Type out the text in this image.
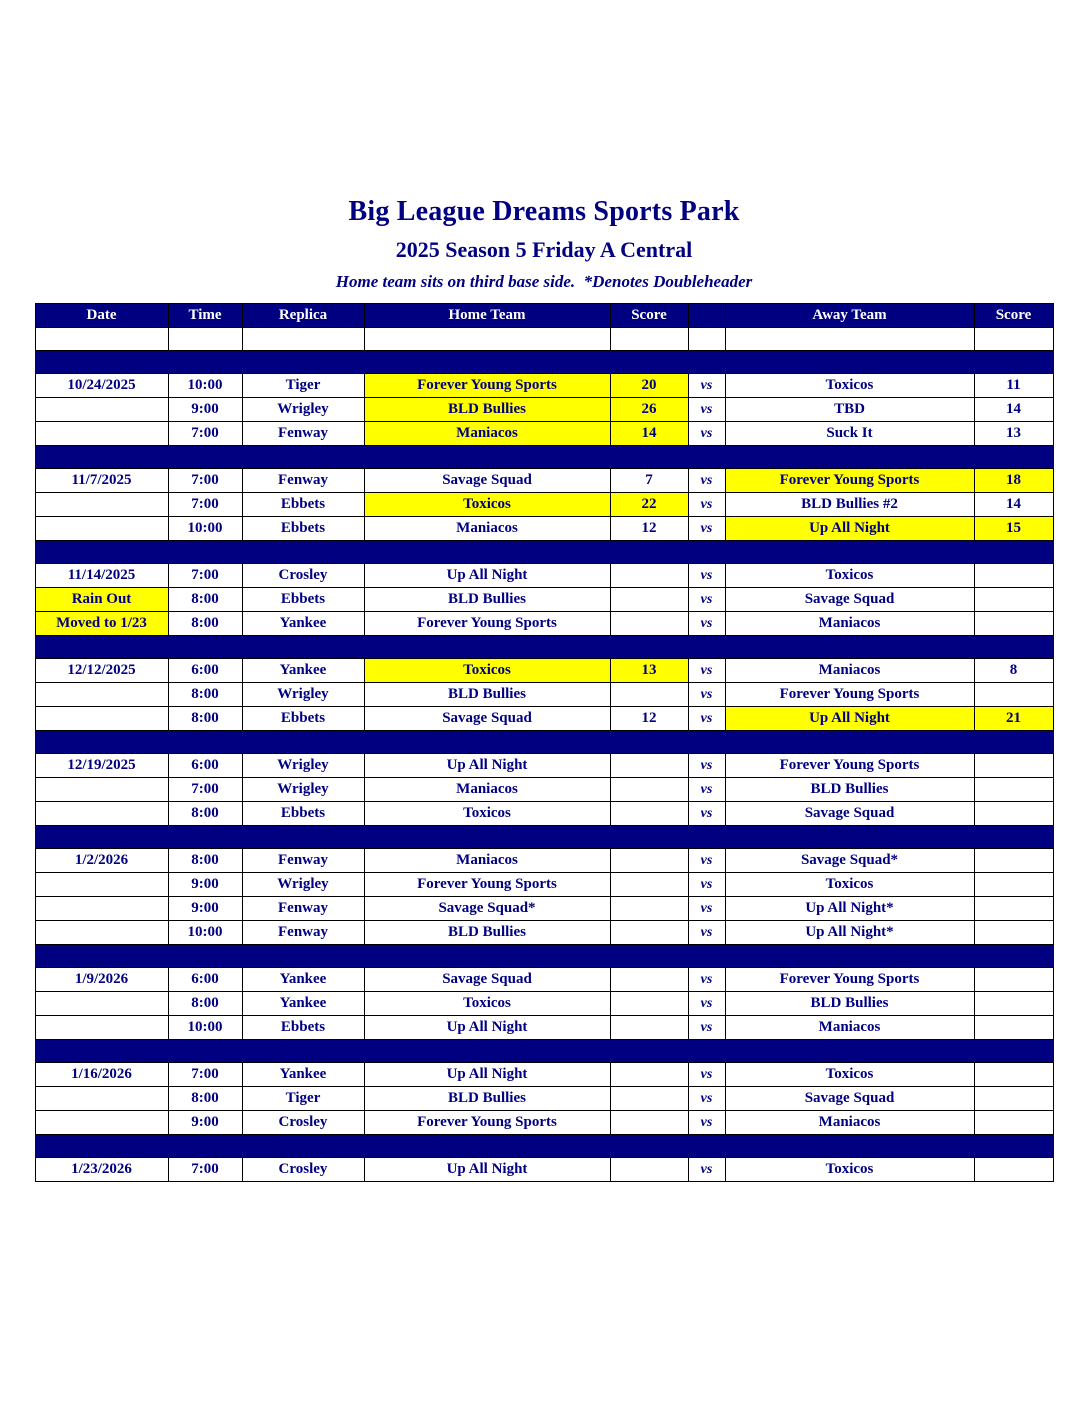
Big League Dreams Sports Park
2025 Season 5 Friday A Central
Home team sits on third base side.  *Denotes Doubleheader
Date	Time	Replica	Home Team	Score		Away Team	Score

10/24/2025	10:00	Tiger	Forever Young Sports	20	vs	Toxicos	11
	9:00	Wrigley	BLD Bullies	26	vs	TBD	14
	7:00	Fenway	Maniacos	14	vs	Suck It	13

11/7/2025	7:00	Fenway	Savage Squad	7	vs	Forever Young Sports	18
	7:00	Ebbets	Toxicos	22	vs	BLD Bullies #2	14
	10:00	Ebbets	Maniacos	12	vs	Up All Night	15

11/14/2025	7:00	Crosley	Up All Night		vs	Toxicos	
Rain Out	8:00	Ebbets	BLD Bullies		vs	Savage Squad	
Moved to 1/23	8:00	Yankee	Forever Young Sports		vs	Maniacos	

12/12/2025	6:00	Yankee	Toxicos	13	vs	Maniacos	8
	8:00	Wrigley	BLD Bullies		vs	Forever Young Sports	
	8:00	Ebbets	Savage Squad	12	vs	Up All Night	21

12/19/2025	6:00	Wrigley	Up All Night		vs	Forever Young Sports	
	7:00	Wrigley	Maniacos		vs	BLD Bullies	
	8:00	Ebbets	Toxicos		vs	Savage Squad	

1/2/2026	8:00	Fenway	Maniacos		vs	Savage Squad*	
	9:00	Wrigley	Forever Young Sports		vs	Toxicos	
	9:00	Fenway	Savage Squad*		vs	Up All Night*	
	10:00	Fenway	BLD Bullies		vs	Up All Night*	

1/9/2026	6:00	Yankee	Savage Squad		vs	Forever Young Sports	
	8:00	Yankee	Toxicos		vs	BLD Bullies	
	10:00	Ebbets	Up All Night		vs	Maniacos	

1/16/2026	7:00	Yankee	Up All Night		vs	Toxicos	
	8:00	Tiger	BLD Bullies		vs	Savage Squad	
	9:00	Crosley	Forever Young Sports		vs	Maniacos	

1/23/2026	7:00	Crosley	Up All Night		vs	Toxicos	
